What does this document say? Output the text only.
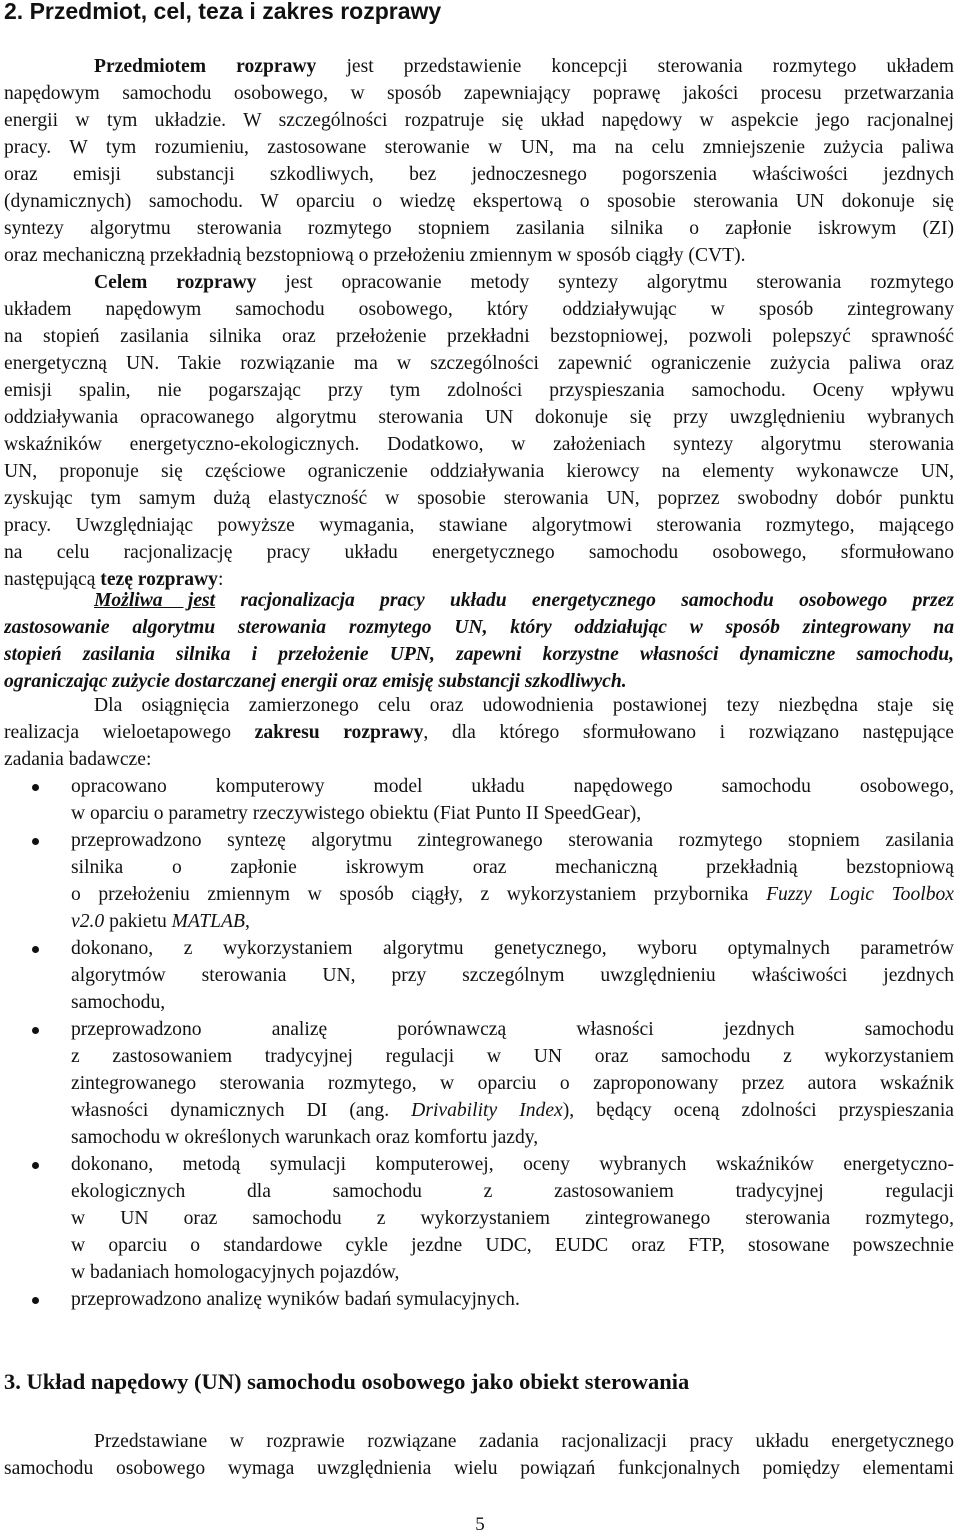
2. Przedmiot, cel, teza i zakres rozprawy
Przedmiotem rozprawy jest przedstawienie koncepcji sterowania rozmytego układem
napędowym samochodu osobowego, w sposób zapewniający poprawę jakości procesu przetwarzania
energii w tym układzie. W szczególności rozpatruje się układ napędowy w aspekcie jego racjonalnej
pracy. W tym rozumieniu, zastosowane sterowanie w UN, ma na celu zmniejszenie zużycia paliwa
oraz emisji substancji szkodliwych, bez jednoczesnego pogorszenia właściwości jezdnych
(dynamicznych) samochodu. W oparciu o wiedzę ekspertową o sposobie sterowania UN dokonuje się
syntezy algorytmu sterowania rozmytego stopniem zasilania silnika o zapłonie iskrowym (ZI)
oraz mechaniczną przekładnią bezstopniową o przełożeniu zmiennym w sposób ciągły (CVT).
Celem rozprawy jest opracowanie metody syntezy algorytmu sterowania rozmytego
układem napędowym samochodu osobowego, który oddziaływując w sposób zintegrowany
na stopień zasilania silnika oraz przełożenie przekładni bezstopniowej, pozwoli polepszyć sprawność
energetyczną UN. Takie rozwiązanie ma w szczególności zapewnić ograniczenie zużycia paliwa oraz
emisji spalin, nie pogarszając przy tym zdolności przyspieszania samochodu. Oceny wpływu
oddziaływania opracowanego algorytmu sterowania UN dokonuje się przy uwzględnieniu wybranych
wskaźników energetyczno-ekologicznych. Dodatkowo, w założeniach syntezy algorytmu sterowania
UN, proponuje się częściowe ograniczenie oddziaływania kierowcy na elementy wykonawcze UN,
zyskując tym samym dużą elastyczność w sposobie sterowania UN, poprzez swobodny dobór punktu
pracy. Uwzględniając powyższe wymagania, stawiane algorytmowi sterowania rozmytego, mającego
na celu racjonalizację pracy układu energetycznego samochodu osobowego, sformułowano
następującą tezę rozprawy:
Możliwa jest racjonalizacja pracy układu energetycznego samochodu osobowego przez
zastosowanie algorytmu sterowania rozmytego UN, który oddziałując w sposób zintegrowany na
stopień zasilania silnika i przełożenie UPN, zapewni korzystne własności dynamiczne samochodu,
ograniczając zużycie dostarczanej energii oraz emisję substancji szkodliwych.
Dla osiągnięcia zamierzonego celu oraz udowodnienia postawionej tezy niezbędna staje się
realizacja wieloetapowego zakresu rozprawy, dla którego sformułowano i rozwiązano następujące
zadania badawcze:
opracowano komputerowy model układu napędowego samochodu osobowego,
w oparciu o parametry rzeczywistego obiektu (Fiat Punto II SpeedGear),
przeprowadzono syntezę algorytmu zintegrowanego sterowania rozmytego stopniem zasilania
silnika o zapłonie iskrowym oraz mechaniczną przekładnią bezstopniową
o przełożeniu zmiennym w sposób ciągły, z wykorzystaniem przybornika Fuzzy Logic Toolbox
v2.0 pakietu MATLAB,
dokonano, z wykorzystaniem algorytmu genetycznego, wyboru optymalnych parametrów
algorytmów sterowania UN, przy szczególnym uwzględnieniu właściwości jezdnych
samochodu,
przeprowadzono analizę porównawczą własności jezdnych samochodu
z zastosowaniem tradycyjnej regulacji w UN oraz samochodu z wykorzystaniem
zintegrowanego sterowania rozmytego, w oparciu o zaproponowany przez autora wskaźnik
własności dynamicznych DI (ang. Drivability Index), będący oceną zdolności przyspieszania
samochodu w określonych warunkach oraz komfortu jazdy,
dokonano, metodą symulacji komputerowej, oceny wybranych wskaźników energetyczno-
ekologicznych dla samochodu z zastosowaniem tradycyjnej regulacji
w UN oraz samochodu z wykorzystaniem zintegrowanego sterowania rozmytego,
w oparciu o standardowe cykle jezdne UDC, EUDC oraz FTP, stosowane powszechnie
w badaniach homologacyjnych pojazdów,
przeprowadzono analizę wyników badań symulacyjnych.
3. Układ napędowy (UN) samochodu osobowego jako obiekt sterowania
Przedstawiane w rozprawie rozwiązane zadania racjonalizacji pracy układu energetycznego
samochodu osobowego wymaga uwzględnienia wielu powiązań funkcjonalnych pomiędzy elementami
5
